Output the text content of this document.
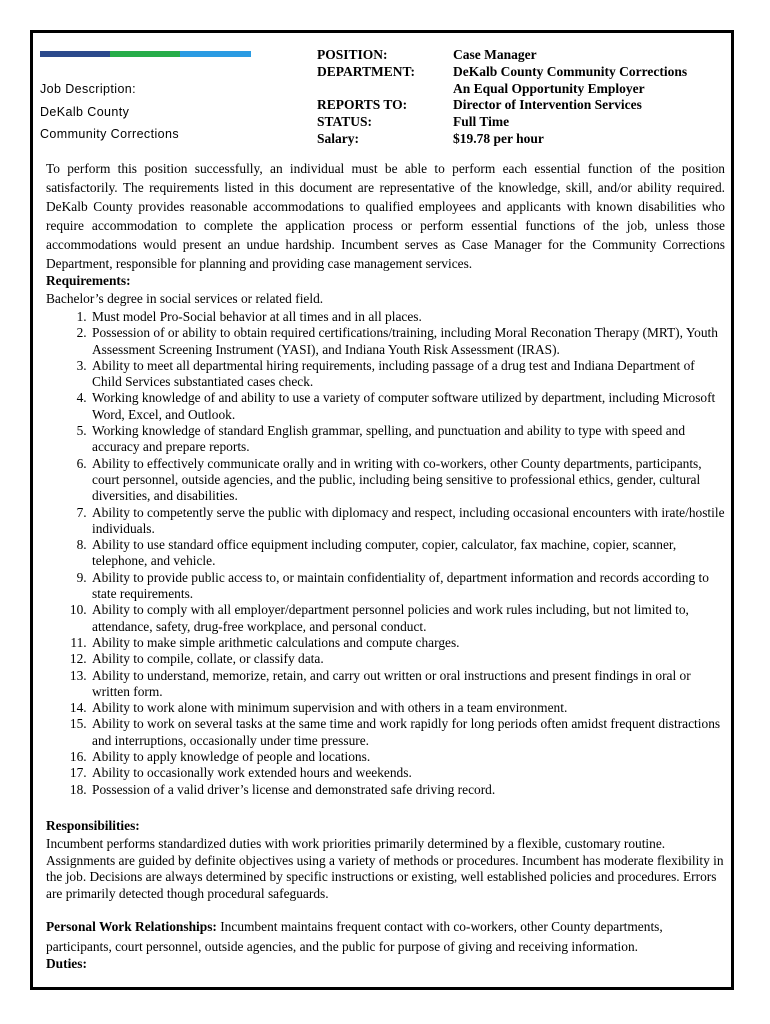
Job Description:
DeKalb County
Community Corrections
POSITION:
DEPARTMENT:
REPORTS TO:
STATUS:
Salary:
Case Manager
DeKalb County Community Corrections
An Equal Opportunity Employer
Director of Intervention Services
Full Time
$19.78 per hour

To perform this position successfully, an individual must be able to perform each essential function of the position satisfactorily. The requirements listed in this document are representative of the knowledge, skill, and/or ability required. DeKalb County provides reasonable accommodations to qualified employees and applicants with known disabilities who require accommodation to complete the application process or perform essential functions of the job, unless those accommodations would present an undue hardship. Incumbent serves as Case Manager for the Community Corrections Department, responsible for planning and providing case management services.

Requirements:

Bachelor’s degree in social services or related field.

1. Must model Pro-Social behavior at all times and in all places.
2. Possession of or ability to obtain required certifications/training, including Moral Reconation Therapy (MRT), Youth Assessment Screening Instrument (YASI), and Indiana Youth Risk Assessment (IRAS).
3. Ability to meet all departmental hiring requirements, including passage of a drug test and Indiana Department of Child Services substantiated cases check.
4. Working knowledge of and ability to use a variety of computer software utilized by department, including Microsoft Word, Excel, and Outlook.
5. Working knowledge of standard English grammar, spelling, and punctuation and ability to type with speed and accuracy and prepare reports.
6. Ability to effectively communicate orally and in writing with co-workers, other County departments, participants, court personnel, outside agencies, and the public, including being sensitive to professional ethics, gender, cultural diversities, and disabilities.
7. Ability to competently serve the public with diplomacy and respect, including occasional encounters with irate/hostile individuals.
8. Ability to use standard office equipment including computer, copier, calculator, fax machine, copier, scanner, telephone, and vehicle.
9. Ability to provide public access to, or maintain confidentiality of, department information and records according to state requirements.
10. Ability to comply with all employer/department personnel policies and work rules including, but not limited to, attendance, safety, drug-free workplace, and personal conduct.
11. Ability to make simple arithmetic calculations and compute charges.
12. Ability to compile, collate, or classify data.
13. Ability to understand, memorize, retain, and carry out written or oral instructions and present findings in oral or written form.
14. Ability to work alone with minimum supervision and with others in a team environment.
15. Ability to work on several tasks at the same time and work rapidly for long periods often amidst frequent distractions and interruptions, occasionally under time pressure.
16. Ability to apply knowledge of people and locations.
17. Ability to occasionally work extended hours and weekends.
18. Possession of a valid driver’s license and demonstrated safe driving record.

Responsibilities:

Incumbent performs standardized duties with work priorities primarily determined by a flexible, customary routine. Assignments are guided by definite objectives using a variety of methods or procedures. Incumbent has moderate flexibility in the job. Decisions are always determined by specific instructions or existing, well established policies and procedures. Errors are primarily detected though procedural safeguards.

Personal Work Relationships: Incumbent maintains frequent contact with co-workers, other County departments, participants, court personnel, outside agencies, and the public for purpose of giving and receiving information.

Duties:
